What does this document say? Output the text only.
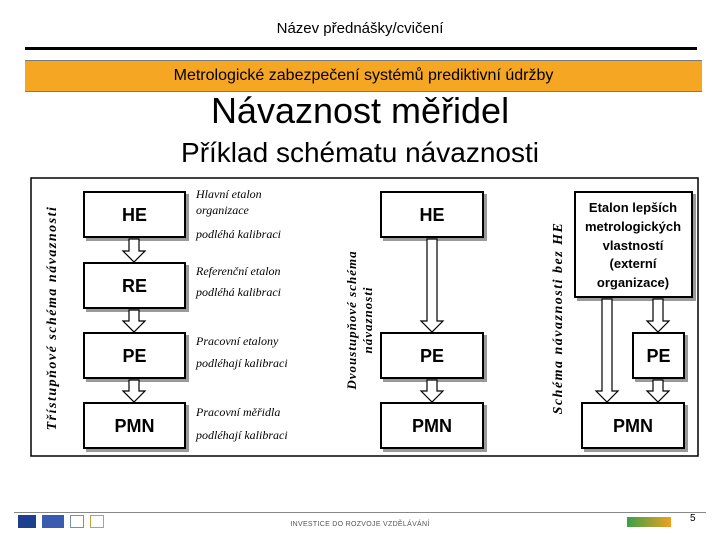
Název přednášky/cvičení
Metrologické zabezpečení systémů prediktivní údržby
Návaznost měřidel
Příklad schématu návaznosti
Třístupňové schéma návaznosti	HE
RE
PE
PMN
Hlavní etalon
organizace
podléhá kalibraci
Referenční etalon
podléhá kalibraci
Pracovní etalony
podléhají kalibraci
Pracovní měřidla
podléhají kalibraci
Dvoustupňové schéma návaznosti
HE
PE
PMN
Schéma návaznosti bez HE
Etalon lepších
metrologických
vlastností
(externí
organizace)
PE
PMN
INVESTICE DO ROZVOJE VZDĚLÁVÁNÍ
5
